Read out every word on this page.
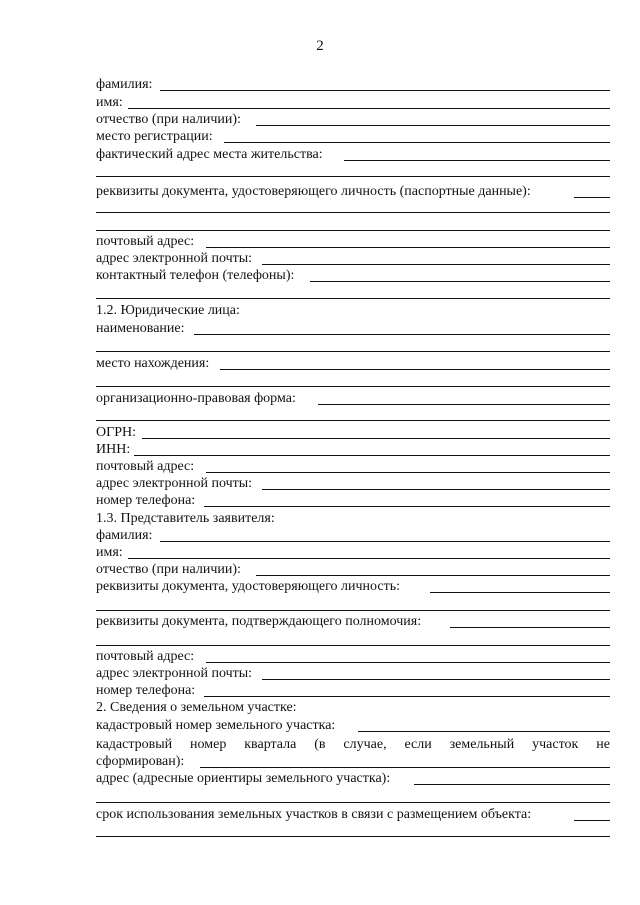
2
фамилия:
имя:
отчество (при наличии):
место регистрации:
фактический адрес места жительства:
реквизиты документа, удостоверяющего личность (паспортные данные):
почтовый адрес:
адрес электронной почты:
контактный телефон (телефоны):
1.2. Юридические лица:
наименование:
место нахождения:
организационно-правовая форма:
ОГРН:
ИНН:
почтовый адрес:
адрес электронной почты:
номер телефона:
1.3. Представитель заявителя:
фамилия:
имя:
отчество (при наличии):
реквизиты документа, удостоверяющего личность:
реквизиты документа, подтверждающего полномочия:
почтовый адрес:
адрес электронной почты:
номер телефона:
2. Сведения о земельном участке:
кадастровый номер земельного участка:
кадастровый номер квартала (в случае, если земельный участок не
сформирован):
адрес (адресные ориентиры земельного участка):
срок использования земельных участков в связи с размещением объекта:
